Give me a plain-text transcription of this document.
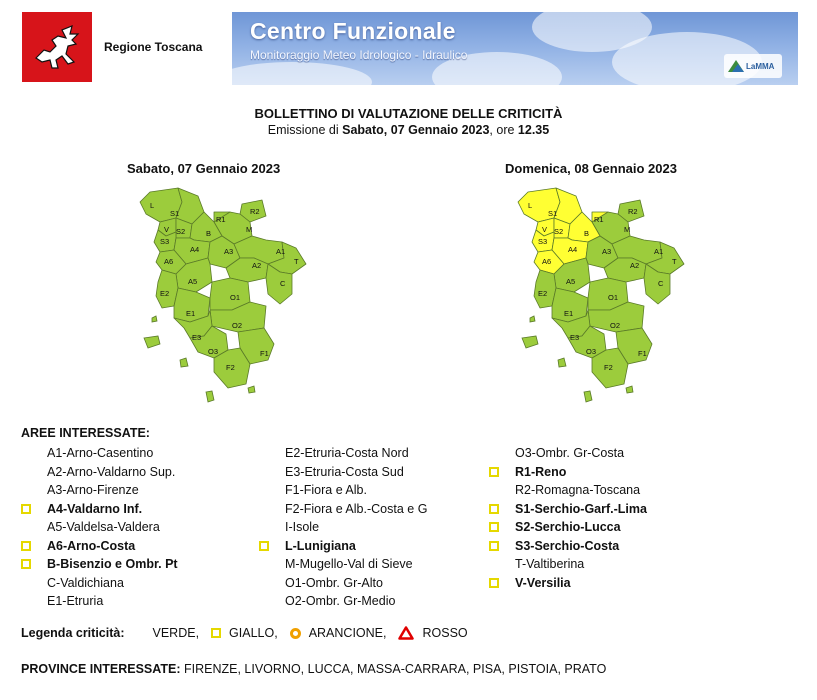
Regione Toscana
Centro Funzionale
Monitoraggio Meteo Idrologico - Idraulico
LaMMA
BOLLETTINO DI VALUTAZIONE DELLE CRITICITÀ
Emissione di Sabato, 07 Gennaio 2023, ore 12.35
Sabato, 07 Gennaio 2023	Domenica, 08 Gennaio 2023
L
S1	R2
R1
M
V S2	B
S3
A4
A6
A3	A1
A5
A2	T
E2
C
E1
O1
O2
E3
O3	F1
F2
L
S1	R2
R1
M
V S2	B
S3
A4
A6
A3	A1
A5
A2	T
E2
C
E1
O1
O2
E3
O3	F1
F2
AREE INTERESSATE:
A1-Arno-Casentino
A2-Arno-Valdarno Sup.
A3-Arno-Firenze
A4-Valdarno Inf.
A5-Valdelsa-Valdera
A6-Arno-Costa
B-Bisenzio e Ombr. Pt
C-Valdichiana
E1-Etruria
E2-Etruria-Costa Nord
E3-Etruria-Costa Sud
F1-Fiora e Alb.
F2-Fiora e Alb.-Costa e G
I-Isole
L-Lunigiana
M-Mugello-Val di Sieve
O1-Ombr. Gr-Alto
O2-Ombr. Gr-Medio
O3-Ombr. Gr-Costa
R1-Reno
R2-Romagna-Toscana
S1-Serchio-Garf.-Lima
S2-Serchio-Lucca
S3-Serchio-Costa
T-Valtiberina
V-Versilia
Legenda criticità: VERDE, GIALLO, ARANCIONE,	ROSSO
PROVINCE INTERESSATE: FIRENZE, LIVORNO, LUCCA, MASSA-CARRARA, PISA, PISTOIA, PRATO
